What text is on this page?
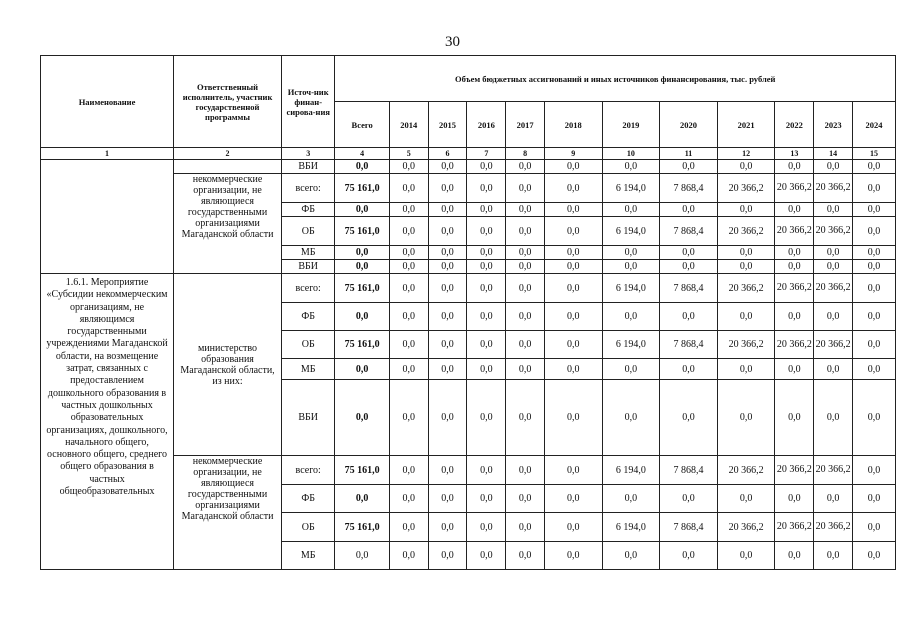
30
Наименование	Ответственный исполнитель, участник государственной программы	Источ-ник финан-сирова-ния	Объем бюджетных ассигнований и иных источников финансирования, тыс. рублей											
			Всего	2014	2015	2016	2017	2018	2019	2020	2021	2022	2023	2024
1	2	3	4	5	6	7	8	9	10	11	12	13	14	15
		ВБИ	0,0	0,0	0,0	0,0	0,0	0,0	0,0	0,0	0,0	0,0	0,0	0,0
	некоммерческие организации, не являющиеся государственными организациями Магаданской области	всего:	75 161,0	0,0	0,0	0,0	0,0	0,0	6 194,0	7 868,4	20 366,2	20 366,2	20 366,2	0,0
		ФБ	0,0	0,0	0,0	0,0	0,0	0,0	0,0	0,0	0,0	0,0	0,0	0,0
		ОБ	75 161,0	0,0	0,0	0,0	0,0	0,0	6 194,0	7 868,4	20 366,2	20 366,2	20 366,2	0,0
		МБ	0,0	0,0	0,0	0,0	0,0	0,0	0,0	0,0	0,0	0,0	0,0	0,0
		ВБИ	0,0	0,0	0,0	0,0	0,0	0,0	0,0	0,0	0,0	0,0	0,0	0,0
1.6.1. Мероприятие «Субсидии некоммерческим организациям, не являющимся государственными учреждениями Магаданской области, на возмещение затрат, связанных с предоставлением дошкольного образования в частных дошкольных образовательных организациях, дошкольного, начального общего, основного общего, среднего общего образования в частных общеобразовательных	министерство образования Магаданской области, из них:	всего:	75 161,0	0,0	0,0	0,0	0,0	0,0	6 194,0	7 868,4	20 366,2	20 366,2	20 366,2	0,0
		ФБ	0,0	0,0	0,0	0,0	0,0	0,0	0,0	0,0	0,0	0,0	0,0	0,0
		ОБ	75 161,0	0,0	0,0	0,0	0,0	0,0	6 194,0	7 868,4	20 366,2	20 366,2	20 366,2	0,0
		МБ	0,0	0,0	0,0	0,0	0,0	0,0	0,0	0,0	0,0	0,0	0,0	0,0
		ВБИ	0,0	0,0	0,0	0,0	0,0	0,0	0,0	0,0	0,0	0,0	0,0	0,0
	некоммерческие организации, не являющиеся государственными организациями Магаданской области	всего:	75 161,0	0,0	0,0	0,0	0,0	0,0	6 194,0	7 868,4	20 366,2	20 366,2	20 366,2	0,0
		ФБ	0,0	0,0	0,0	0,0	0,0	0,0	0,0	0,0	0,0	0,0	0,0	0,0
		ОБ	75 161,0	0,0	0,0	0,0	0,0	0,0	6 194,0	7 868,4	20 366,2	20 366,2	20 366,2	0,0
		МБ	0,0	0,0	0,0	0,0	0,0	0,0	0,0	0,0	0,0	0,0	0,0	0,0
